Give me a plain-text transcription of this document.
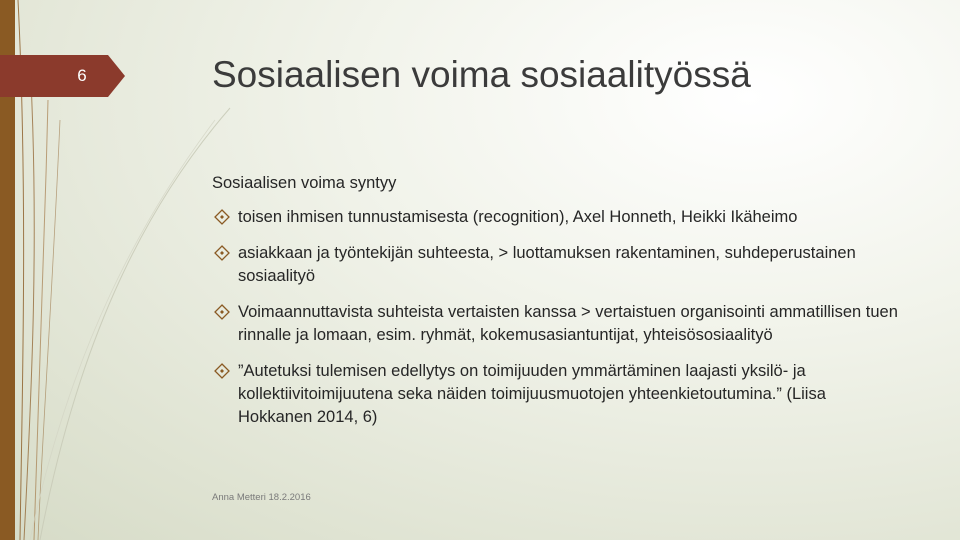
6	Sosiaalisen voima sosiaalityössä
Sosiaalisen voima syntyy
toisen ihmisen tunnustamisesta (recognition), Axel Honneth, Heikki Ikäheimo
asiakkaan ja työntekijän suhteesta, > luottamuksen rakentaminen, suhdeperustainen sosiaalityö
Voimaannuttavista suhteista vertaisten kanssa > vertaistuen organisointi ammatillisen tuen rinnalle ja lomaan, esim. ryhmät, kokemusasiantuntijat, yhteisösosiaalityö
”Autetuksi tulemisen edellytys on toimijuuden ymmärtäminen laajasti yksilö- ja kollektiivitoimijuutena seka näiden toimijuusmuotojen yhteenkietoutumina.” (Liisa Hokkanen 2014, 6)
Anna Metteri 18.2.2016
